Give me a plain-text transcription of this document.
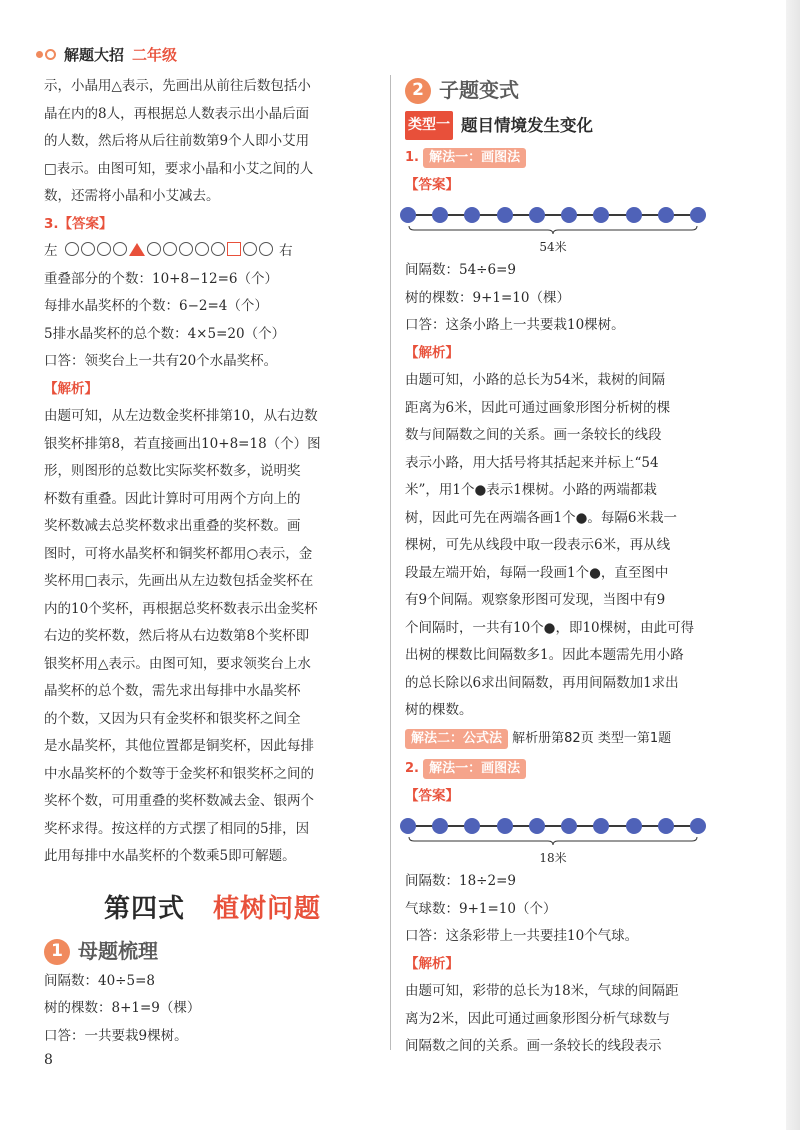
解题大招 二年级
示，小晶用△表示，先画出从前往后数包括小
晶在内的8人，再根据总人数表示出小晶后面
的人数，然后将从后往前数第9个人即小艾用
□表示。由图可知，要求小晶和小艾之间的人
数，还需将小晶和小艾减去。
3.【答案】
左	右
重叠部分的个数：10+8−12=6（个）
每排水晶奖杯的个数：6−2=4（个）
5排水晶奖杯的总个数：4×5=20（个）
口答：领奖台上一共有20个水晶奖杯。
【解析】
由题可知，从左边数金奖杯排第10，从右边数
银奖杯排第8，若直接画出10+8=18（个）图
形，则图形的总数比实际奖杯数多，说明奖
杯数有重叠。因此计算时可用两个方向上的
奖杯数减去总奖杯数求出重叠的奖杯数。画
图时，可将水晶奖杯和铜奖杯都用○表示，金
奖杯用□表示，先画出从左边数包括金奖杯在
内的10个奖杯，再根据总奖杯数表示出金奖杯
右边的奖杯数，然后将从右边数第8个奖杯即
银奖杯用△表示。由图可知，要求领奖台上水
晶奖杯的总个数，需先求出每排中水晶奖杯
的个数，又因为只有金奖杯和银奖杯之间全
是水晶奖杯，其他位置都是铜奖杯，因此每排
中水晶奖杯的个数等于金奖杯和银奖杯之间的
奖杯个数，可用重叠的奖杯数减去金、银两个
奖杯求得。按这样的方式摆了相同的5排，因
此用每排中水晶奖杯的个数乘5即可解题。
第四式 植树问题
1 母题梳理
间隔数：40÷5=8
树的棵数：8+1=9（棵）
口答：一共要栽9棵树。
8
2 子题变式
类型一 题目情境发生变化
1. 解法一：画图法
【答案】
54米
间隔数：54÷6=9
树的棵数：9+1=10（棵）
口答：这条小路上一共要栽10棵树。
【解析】
由题可知，小路的总长为54米，栽树的间隔
距离为6米，因此可通过画象形图分析树的棵
数与间隔数之间的关系。画一条较长的线段
表示小路，用大括号将其括起来并标上“54
米”，用1个●表示1棵树。小路的两端都栽
树，因此可先在两端各画1个●。每隔6米栽一
棵树，可先从线段中取一段表示6米，再从线
段最左端开始，每隔一段画1个●，直至图中
有9个间隔。观察象形图可发现，当图中有9
个间隔时，一共有10个●，即10棵树，由此可得
出树的棵数比间隔数多1。因此本题需先用小路
的总长除以6求出间隔数，再用间隔数加1求出
树的棵数。
解法二：公式法 解析册第82页 类型一第1题
2. 解法一：画图法
【答案】
18米
间隔数：18÷2=9
气球数：9+1=10（个）
口答：这条彩带上一共要挂10个气球。
【解析】
由题可知，彩带的总长为18米，气球的间隔距
离为2米，因此可通过画象形图分析气球数与
间隔数之间的关系。画一条较长的线段表示
